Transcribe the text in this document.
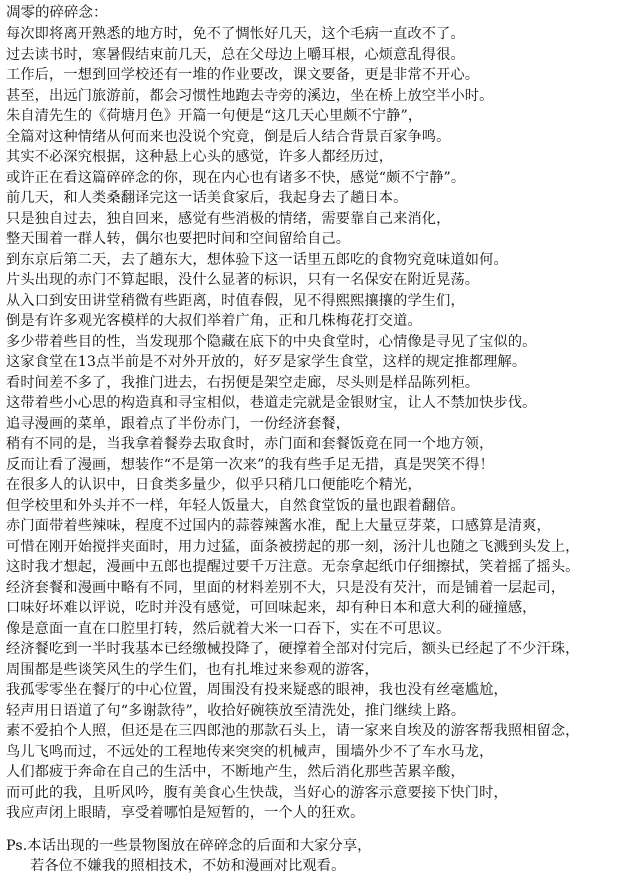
凋零的碎碎念：
每次即将离开熟悉的地方时，免不了惆怅好几天，这个毛病一直改不了。
过去读书时，寒暑假结束前几天，总在父母边上嚼耳根，心烦意乱得很。
工作后，一想到回学校还有一堆的作业要改，课文要备，更是非常不开心。
甚至，出远门旅游前，都会习惯性地跑去寺旁的溪边，坐在桥上放空半小时。
朱自清先生的《荷塘月色》开篇一句便是“这几天心里颇不宁静”，
全篇对这种情绪从何而来也没说个究竟，倒是后人结合背景百家争鸣。
其实不必深究根据，这种悬上心头的感觉，许多人都经历过，
或许正在看这篇碎碎念的你，现在内心也有诸多不快，感觉“颇不宁静”。
前几天，和人类桑翻译完这一话美食家后，我起身去了趟日本。
只是独自过去，独自回来，感觉有些消极的情绪，需要靠自己来消化，
整天围着一群人转，偶尔也要把时间和空间留给自己。
到东京后第二天，去了趟东大，想体验下这一话里五郎吃的食物究竟味道如何。
片头出现的赤门不算起眼，没什么显著的标识，只有一名保安在附近晃荡。
从入口到安田讲堂稍微有些距离，时值春假，见不得熙熙攘攘的学生们，
倒是有许多观光客模样的大叔们举着广角，正和几株梅花打交道。
多少带着些目的性，当发现那个隐藏在底下的中央食堂时，心情像是寻见了宝似的。
这家食堂在13点半前是不对外开放的，好歹是家学生食堂，这样的规定推都理解。
看时间差不多了，我推门进去，右拐便是架空走廊，尽头则是样品陈列柜。
这带着些小心思的构造真和寻宝相似，巷道走完就是金银财宝，让人不禁加快步伐。
追寻漫画的菜单，跟着点了半份赤门，一份经济套餐，
稍有不同的是，当我拿着餐券去取食时，赤门面和套餐饭竟在同一个地方领，
反而让看了漫画，想装作“不是第一次来”的我有些手足无措，真是哭笑不得！
在很多人的认识中，日食类多量少，似乎只稍几口便能吃个精光，
但学校里和外头并不一样，年轻人饭量大，自然食堂饭的量也跟着翻倍。
赤门面带着些辣味，程度不过国内的蒜蓉辣酱水准，配上大量豆芽菜，口感算是清爽，
可惜在刚开始搅拌夹面时，用力过猛，面条被捞起的那一刻，汤汁儿也随之飞溅到头发上，
这时我才想起，漫画中五郎也提醒过要千万注意。无奈拿起纸巾仔细擦拭，笑着摇了摇头。
经济套餐和漫画中略有不同，里面的材料差别不大，只是没有芡汁，而是铺着一层起司，
口味好坏难以评说，吃时并没有感觉，可回味起来，却有种日本和意大利的碰撞感，
像是意面一直在口腔里打转，然后就着大米一口吞下，实在不可思议。
经济餐吃到一半时我基本已经缴械投降了，硬撑着全部对付完后，额头已经起了不少汗珠，
周围都是些谈笑风生的学生们，也有扎堆过来参观的游客，
我孤零零坐在餐厅的中心位置，周围没有投来疑惑的眼神，我也没有丝毫尴尬，
轻声用日语道了句“多谢款待”，收拾好碗筷放至清洗处，推门继续上路。
素不爱拍个人照，但还是在三四郎池的那款石头上，请一家来自埃及的游客帮我照相留念，
鸟儿飞鸣而过，不远处的工程地传来突突的机械声，围墙外少不了车水马龙，
人们都疲于奔命在自己的生活中，不断地产生，然后消化那些苦累辛酸，
而可此的我，且听风吟，腹有美食心生快哉，当好心的游客示意要接下快门时，
我应声闭上眼睛，享受着哪怕是短暂的，一个人的狂欢。
Ps.本话出现的一些景物图放在碎碎念的后面和大家分享，
若各位不嫌我的照相技术，不妨和漫画对比观看。
